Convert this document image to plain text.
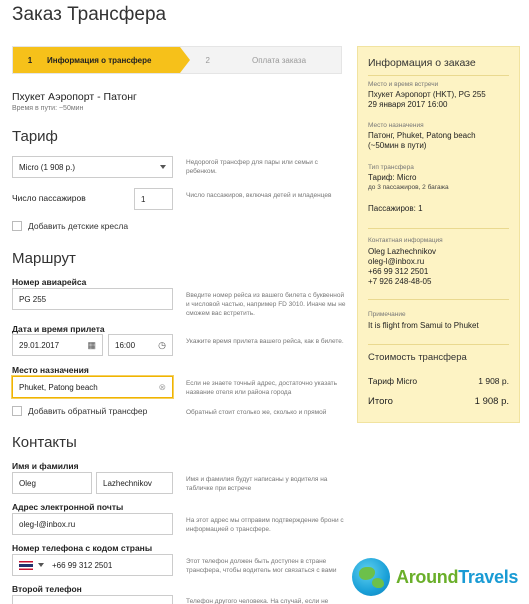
Заказ Трансфера
1	Информация о трансфере	2	Оплата заказа
Пхукет Аэропорт - Патонг
Время в пути: ~50мин
Тариф
Micro (1 908 р.)	Недорогой трансфер для пары или семьи с ребенком.
Число пассажиров	1	Число пассажиров, включая детей и младенцев
Добавить детские кресла
Маршрут
Номер авиарейса
PG 255	Введите номер рейса из вашего билета с буквенной и числовой частью, например FD 3010. Иначе мы не сможем вас встретить.
Дата и время прилета
29.01.2017	▦ 16:00	◷	Укажите время прилета вашего рейса, как в билете.
Место назначения
Phuket, Patong beach	⊗	Если не знаете точный адрес, достаточно указать название отеля или района города
Добавить обратный трансфер	Обратный стоит столько же, сколько и прямой
Контакты
Имя и фамилия
Oleg	Lazhechnikov	Имя и фамилия будут написаны у водителя на табличке при встрече
Адрес электронной почты
oleg-l@inbox.ru	На этот адрес мы отправим подтверждение брони с информацией о трансфере.
Номер телефона с кодом страны
+66 99 312 2501	Этот телефон должен быть доступен в стране трансфера, чтобы водитель мог связаться с вами
Второй телефон
Телефон другого человека. На случай, если не
Информация о заказе
Место и время встречи
Пхукет Аэропорт (HKT), PG 255
29 января 2017 16:00
Место назначения
Патонг, Phuket, Patong beach
(~50мин в пути)
Тип трансфера
Тариф: Micro
до 3 пассажиров, 2 багажа
Пассажиров: 1
Контактная информация
Oleg Lazhechnikov
oleg-l@inbox.ru
+66 99 312 2501
+7 926 248-48-05
Примечание
It is flight from Samui to Phuket
Стоимость трансфера
Тариф Micro	1 908 р.
Итого	1 908 р.
AroundTravels
